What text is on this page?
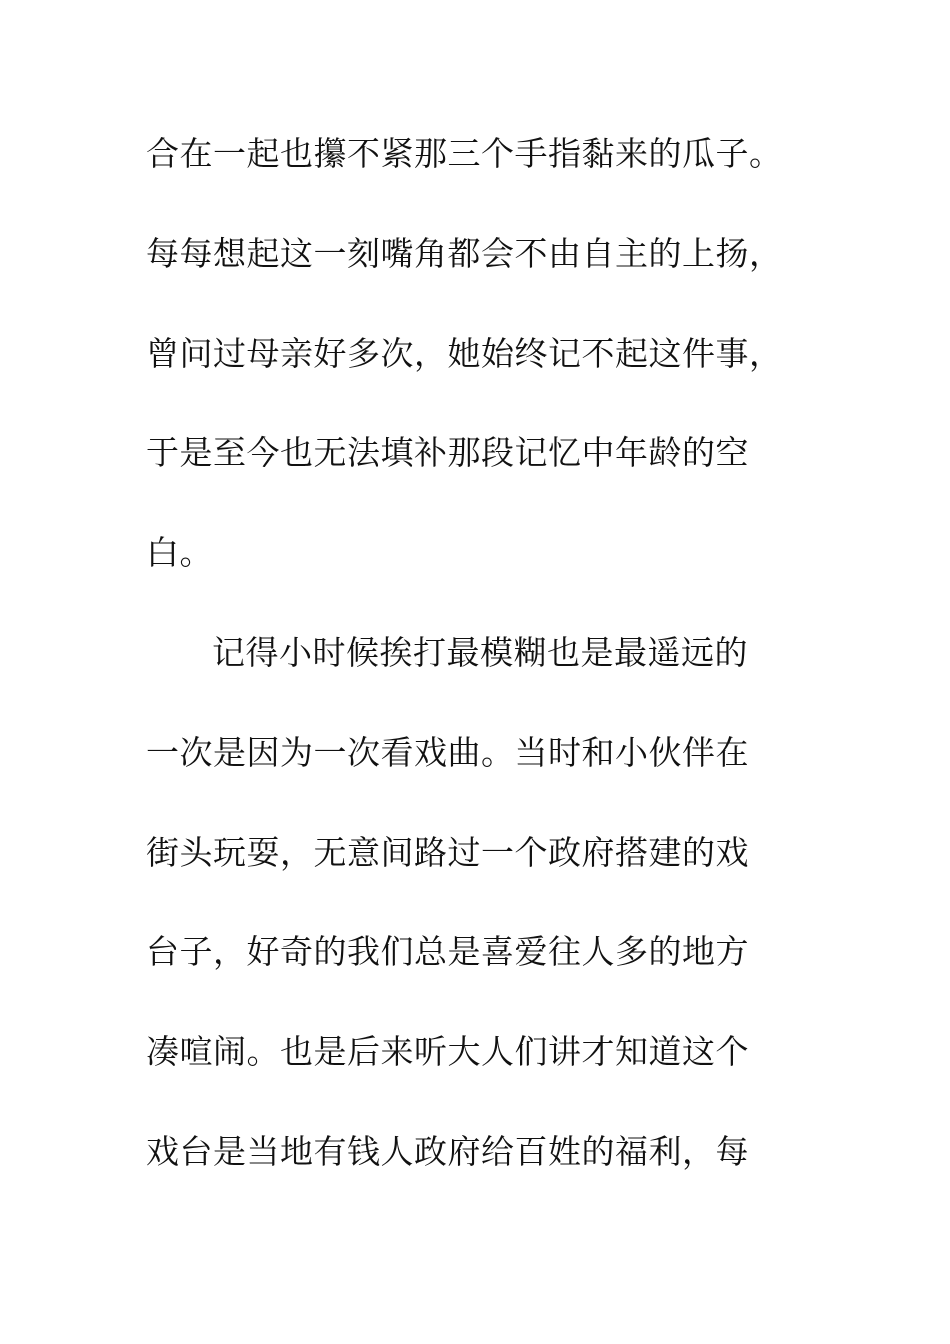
合在一起也攥不紧那三个手指黏来的瓜子。
每每想起这一刻嘴角都会不由自主的上扬，
曾问过母亲好多次，她始终记不起这件事，
于是至今也无法填补那段记忆中年龄的空
白。
记得小时候挨打最模糊也是最遥远的
一次是因为一次看戏曲。当时和小伙伴在
街头玩耍，无意间路过一个政府搭建的戏
台子，好奇的我们总是喜爱往人多的地方
凑喧闹。也是后来听大人们讲才知道这个
戏台是当地有钱人政府给百姓的福利，每
